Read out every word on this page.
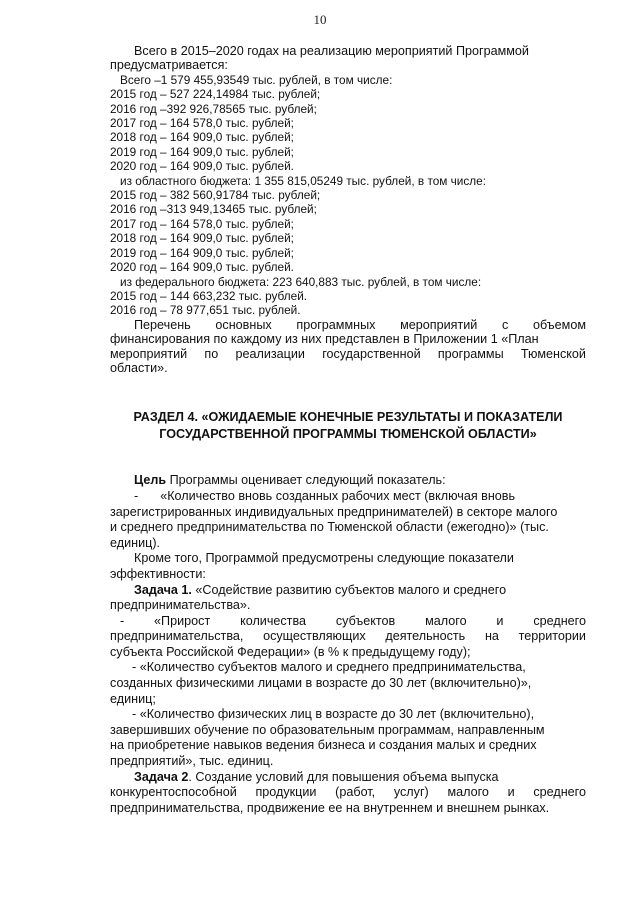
10
Всего в 2015–2020 годах на реализацию мероприятий Программой
предусматривается:
Всего –1 579 455,93549 тыс. рублей, в том числе:
2015 год – 527 224,14984 тыс. рублей;
2016 год –392 926,78565 тыс. рублей;
2017 год – 164 578,0 тыс. рублей;
2018 год – 164 909,0 тыс. рублей;
2019 год – 164 909,0 тыс. рублей;
2020 год – 164 909,0 тыс. рублей.
из областного бюджета: 1 355 815,05249 тыс. рублей, в том числе:
2015 год – 382 560,91784 тыс. рублей;
2016 год –313 949,13465 тыс. рублей;
2017 год – 164 578,0 тыс. рублей;
2018 год – 164 909,0 тыс. рублей;
2019 год – 164 909,0 тыс. рублей;
2020 год – 164 909,0 тыс. рублей.
из федерального бюджета: 223 640,883 тыс. рублей, в том числе:
2015 год – 144 663,232 тыс. рублей.
2016 год – 78 977,651 тыс. рублей.
Перечень основных программных мероприятий с объемом
финансирования по каждому из них представлен в Приложении 1 «План
мероприятий по реализации государственной программы Тюменской
области».
РАЗДЕЛ 4. «ОЖИДАЕМЫЕ КОНЕЧНЫЕ РЕЗУЛЬТАТЫ И ПОКАЗАТЕЛИ
ГОСУДАРСТВЕННОЙ ПРОГРАММЫ ТЮМЕНСКОЙ ОБЛАСТИ»
Цель Программы оценивает следующий показатель:
- «Количество вновь созданных рабочих мест (включая вновь
зарегистрированных индивидуальных предпринимателей) в секторе малого
и среднего предпринимательства по Тюменской области (ежегодно)» (тыс.
единиц).
Кроме того, Программой предусмотрены следующие показатели
эффективности:
Задача 1. «Содействие развитию субъектов малого и среднего
предпринимательства».
- «Прирост количества субъектов малого и среднего
предпринимательства, осуществляющих деятельность на территории
субъекта Российской Федерации» (в % к предыдущему году);
- «Количество субъектов малого и среднего предпринимательства,
созданных физическими лицами в возрасте до 30 лет (включительно)»,
единиц;
- «Количество физических лиц в возрасте до 30 лет (включительно),
завершивших обучение по образовательным программам, направленным
на приобретение навыков ведения бизнеса и создания малых и средних
предприятий», тыс. единиц.
Задача 2. Создание условий для повышения объема выпуска
конкурентоспособной продукции (работ, услуг) малого и среднего
предпринимательства, продвижение ее на внутреннем и внешнем рынках.
